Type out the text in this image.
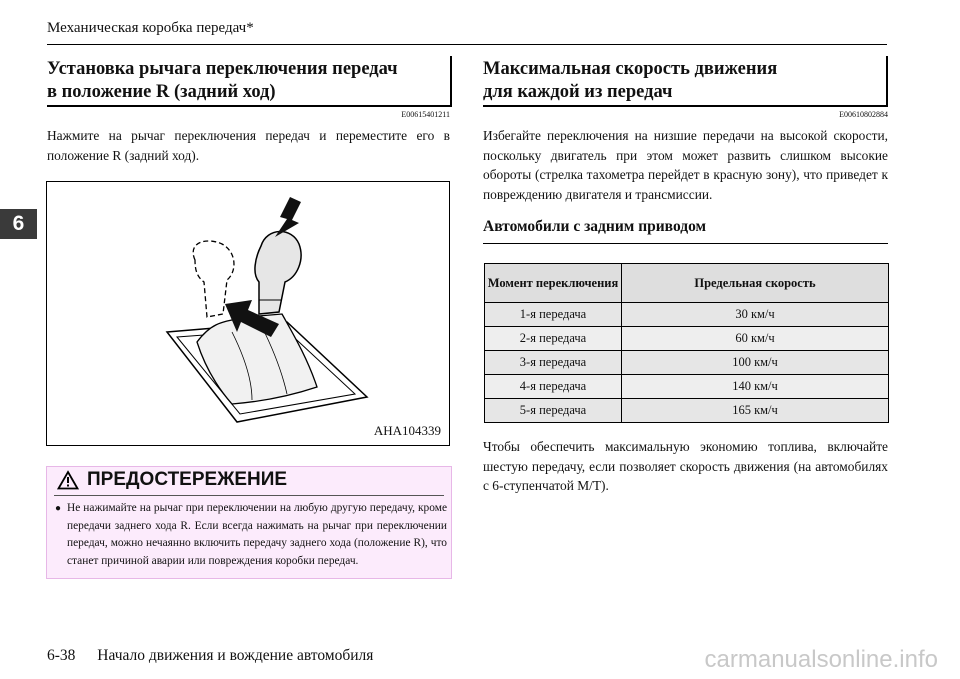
Механическая коробка передач*
6
Установка рычага переключения передач
в положение R (задний ход)
E00615401211
Нажмите на рычаг переключения передач и переместите его в положение R (задний ход).
AHA104339
ПРЕДОСТЕРЕЖЕНИЕ
● Не нажимайте на рычаг при переключении на любую другую передачу, кроме передачи заднего хода R. Если всегда нажимать на рычаг при переключении передач, можно нечаянно включить передачу заднего хода (положение R), что станет причиной аварии или повреждения коробки передач.
Максимальная скорость движения
для каждой из передач
E00610802884
Избегайте переключения на низшие передачи на высокой скорости, поскольку двигатель при этом может развить слишком высокие обороты (стрелка тахометра перейдет в красную зону), что приведет к повреждению двигателя и трансмиссии.
Автомобили с задним приводом
Момент переключения	Предельная скорость
1-я передача	30 км/ч
2-я передача	60 км/ч
3-я передача	100 км/ч
4-я передача	140 км/ч
5-я передача	165 км/ч
Чтобы обеспечить максимальную экономию топлива, включайте шестую передачу, если позволяет скорость движения (на автомобилях с 6-ступенчатой М/Т).
6-38 Начало движения и вождение автомобиля	carmanualsonline.info
